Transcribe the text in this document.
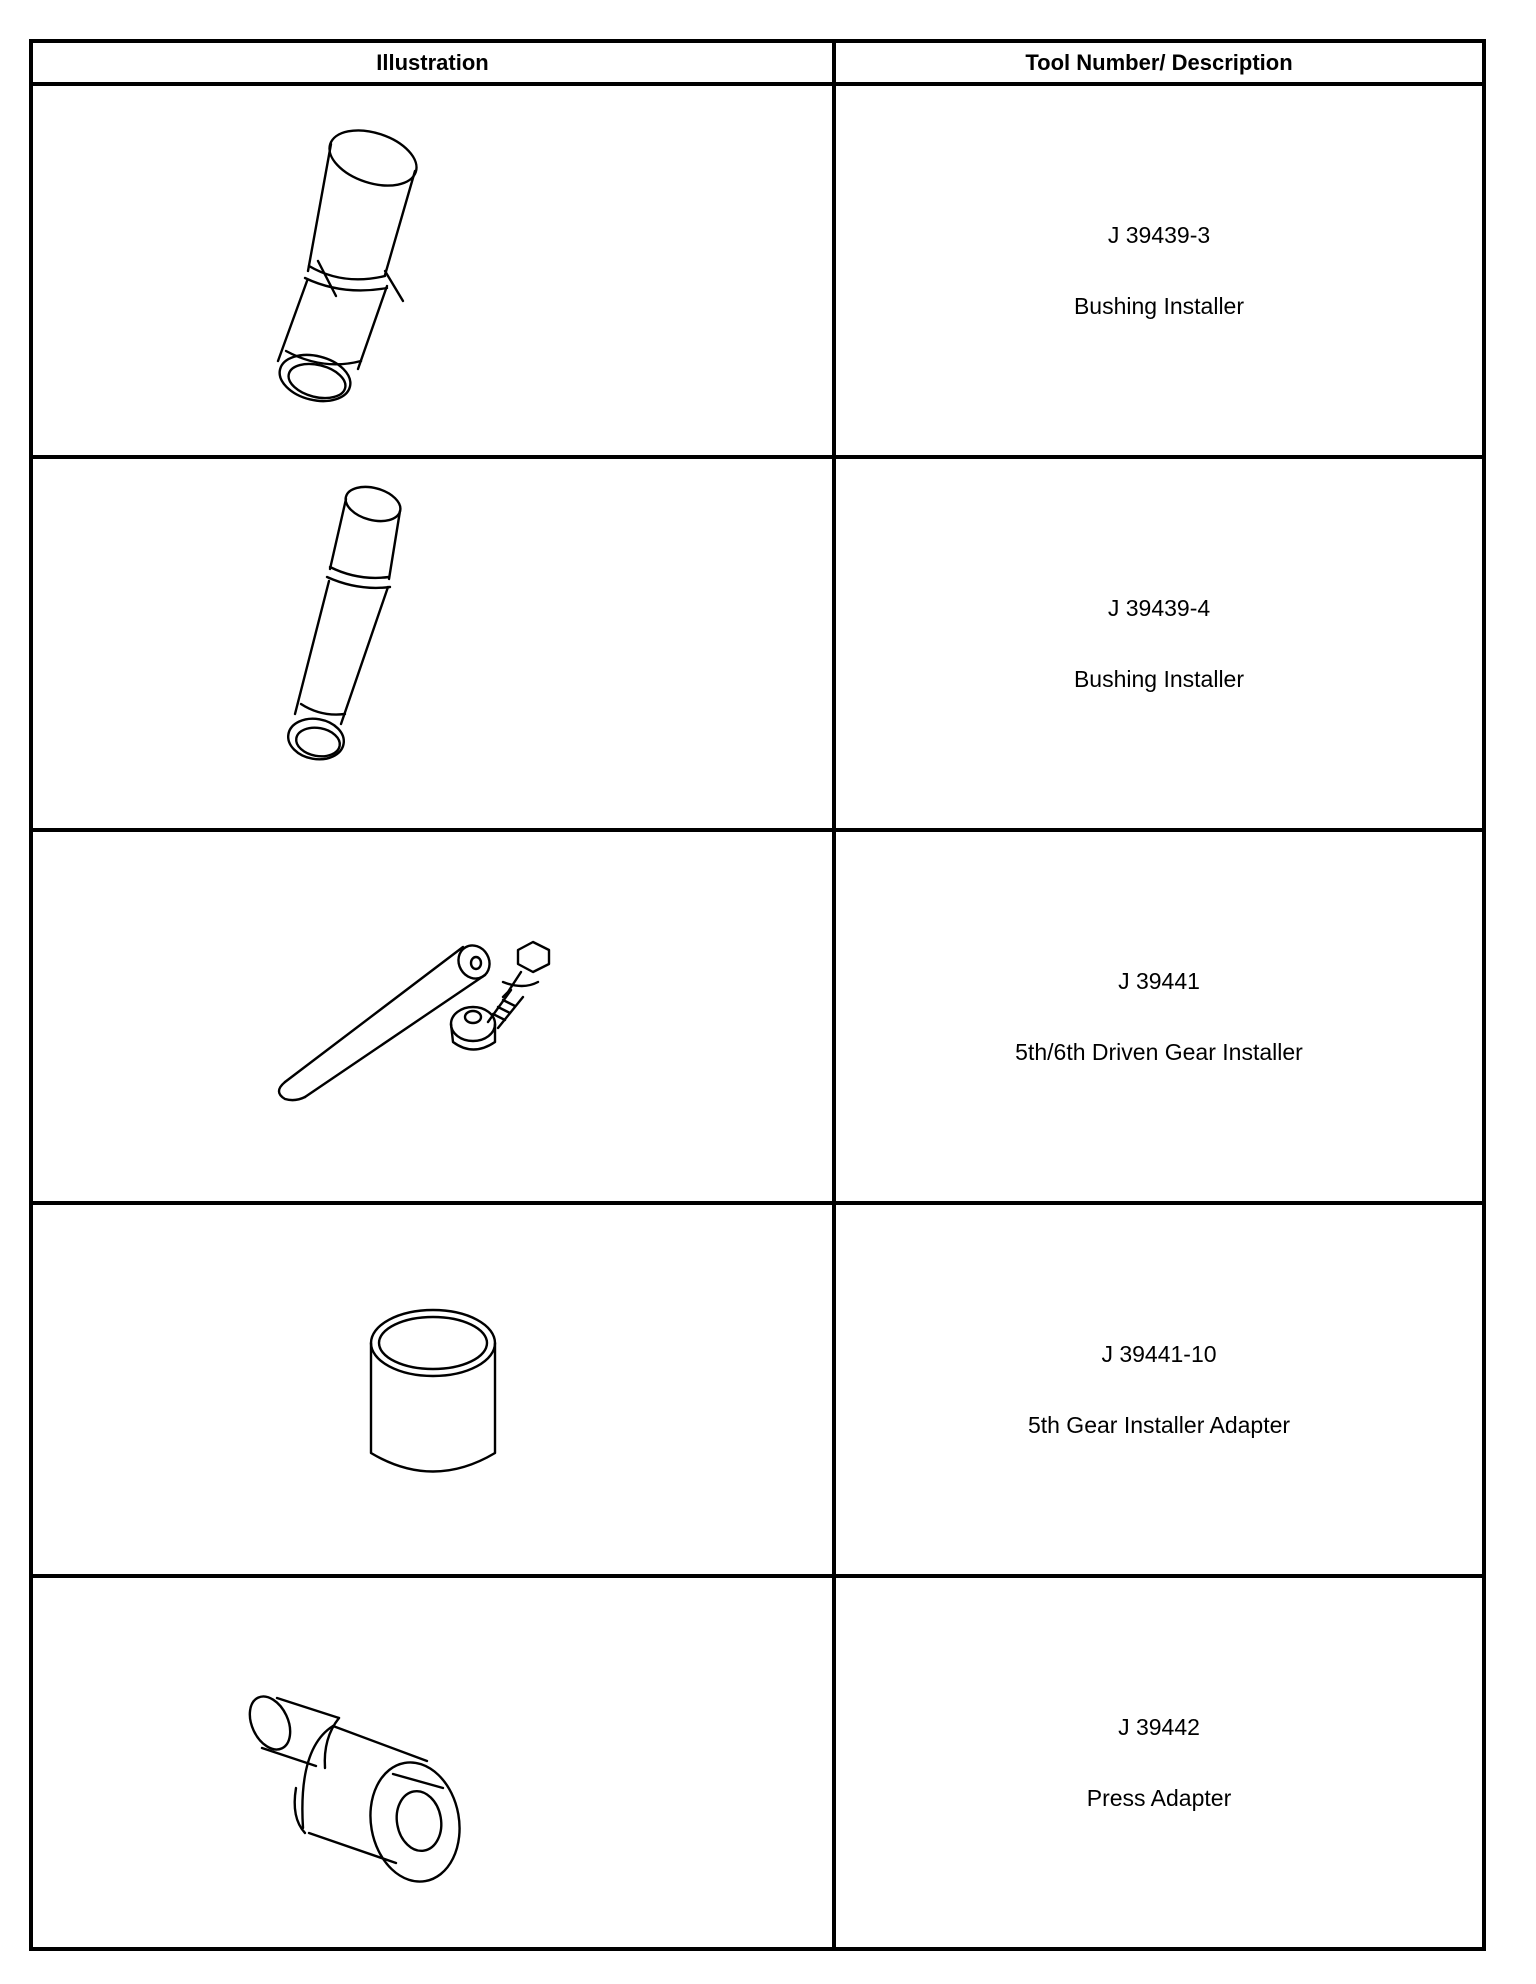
Illustration	Tool Number/ Description

J 39439-3
Bushing Installer

J 39439-4
Bushing Installer

J 39441
5th/6th Driven Gear Installer

J 39441-10
5th Gear Installer Adapter

J 39442
Press Adapter
